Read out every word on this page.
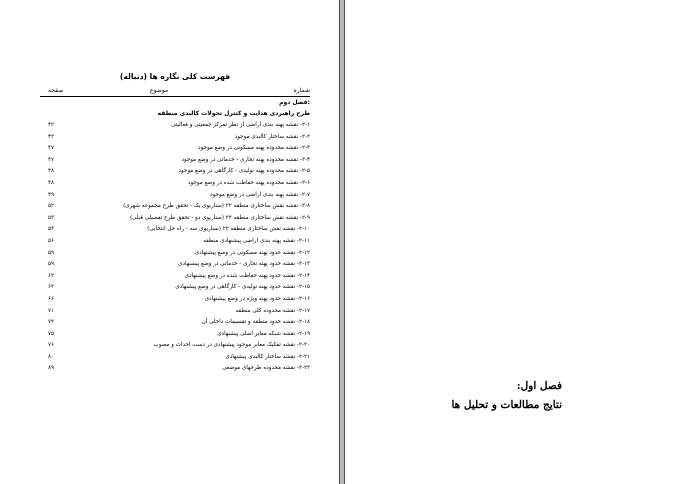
فهرست کلی نگاره ها (دنباله)
شماره
موضوع
صفحه
فصل دوم:
طرح راهبردی هدایت و کنترل تحولات کالبدی منطقه
۲-۱- نقشه پهنه بندی اراضی از نظر تمرکز جمعیتی و فعالیتی
۴۲
۲-۲- نقشه ساختار کالبدی موجود
۴۲
۲-۳- نقشه محدوده پهنه مسکونی در وضع موجود
۴۷
۲-۴- نقشه محدوده پهنه تجاری - خدماتی در وضع موجود
۴۷
۲-۵- نقشه محدوده پهنه تولیدی - کارگاهی در وضع موجود
۴۸
۲-۶- نقشه محدوده پهنه حفاظت شده در وضع موجود
۴۸
۲-۷- نقشه پهنه بندی اراضی در وضع موجود
۴۹
۲-۸- نقشه نقش ساختاری منطقه ۲۲ (سناریوی یک - تحقق طرح مجموعه شهری)
۵۲
۲-۹- نقشه نقش ساختاری منطقه ۲۲ (سناریوی دو - تحقق طرح تفصیلی قبلی)
۵۳
۲-۱۰- نقشه نقش ساختاری منطقه ۲۲ (سناریوی سه - راه حل انتخابی)
۵۴
۲-۱۱- نقشه پهنه بندی اراضی پیشنهادی منطقه
۵۶
۲-۱۲- نقشه حدود پهنه مسکونی در وضع پیشنهادی
۵۹
۲-۱۳- نقشه حدود پهنه تجاری - خدماتی در وضع پیشنهادی
۵۹
۲-۱۴- نقشه حدود پهنه حفاظت شده در وضع پیشنهادی
۶۲
۲-۱۵- نقشه حدود پهنه تولیدی - کارگاهی در وضع پیشنهادی
۶۳
۲-۱۶- نقشه حدود پهنه ویژه در وضع پیشنهادی
۶۶
۲-۱۷- نقشه محدوده کلی منطقه
۷۱
۲-۱۸- نقشه حدود منطقه و تقسیمات داخلی آن
۷۲
۲-۱۹- نقشه شبکه معابر اصلی پیشنهادی
۷۵
۲-۲۰- نقشه تفکیک معابر موجود پیشنهادی در دست احداث و مصوب
۷۶
۲-۲۱- نقشه ساختار کالبدی پیشنهادی
۸۰
۲-۲۲- نقشه محدوده طرحهای موضعی
۸۹
فصل اول:
نتایج مطالعات و تحلیل ها
